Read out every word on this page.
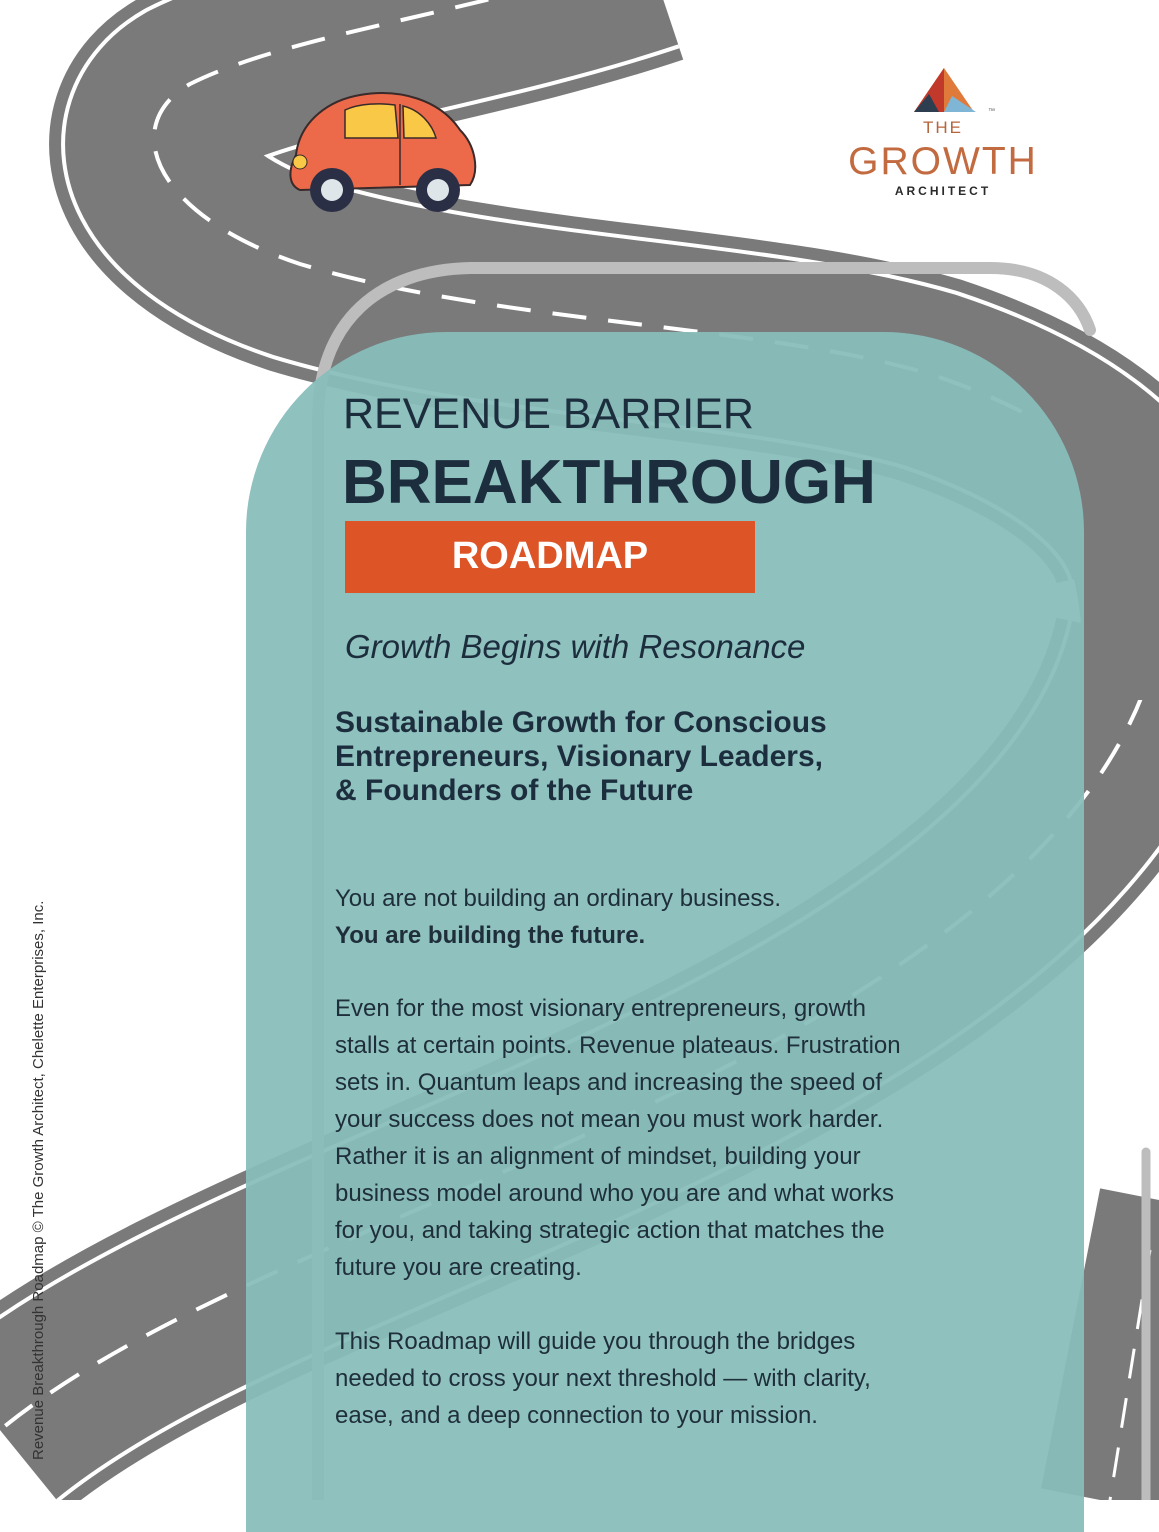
™
THE
GROWTH
ARCHITECT
REVENUE BARRIER
BREAKTHROUGH
ROADMAP

Growth Begins with Resonance

Sustainable Growth for Conscious
Entrepreneurs, Visionary Leaders,
& Founders of the Future
You are not building an ordinary business.
You are building the future.

Even for the most visionary entrepreneurs, growth
stalls at certain points. Revenue plateaus. Frustration
sets in. Quantum leaps and increasing the speed of
your success does not mean you must work harder.
Rather it is an alignment of mindset, building your
business model around who you are and what works
for you, and taking strategic action that matches the
future you are creating.

This Roadmap will guide you through the bridges
needed to cross your next threshold — with clarity,
ease, and a deep connection to your mission.

Revenue Breakthrough Roadmap © The Growth Architect, Chelette Enterprises, Inc.
